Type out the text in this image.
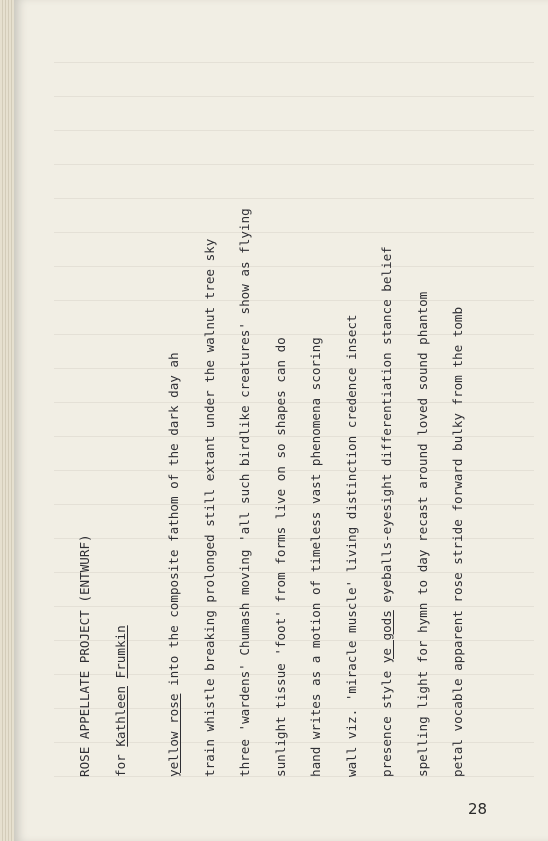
ROSE APPELLATE PROJECT (ENTWURF)	for Kathleen Frumkin
yellow rose into the composite fathom of the dark day ah	train whistle breaking prolonged still extant under the walnut tree sky	three 'wardens' Chumash moving 'all such birdlike creatures' show as flying	sunlight tissue 'foot' from forms live on so shapes can do	hand writes as a motion of timeless vast phenomena scoring	wall viz. 'miracle muscle' living distinction credence insect	presence style ye gods eyeballs-eyesight differentiation stance belief	spelling light for hymn to day recast around loved sound phantom	petal vocable apparent rose stride forward bulky from the tomb
28
